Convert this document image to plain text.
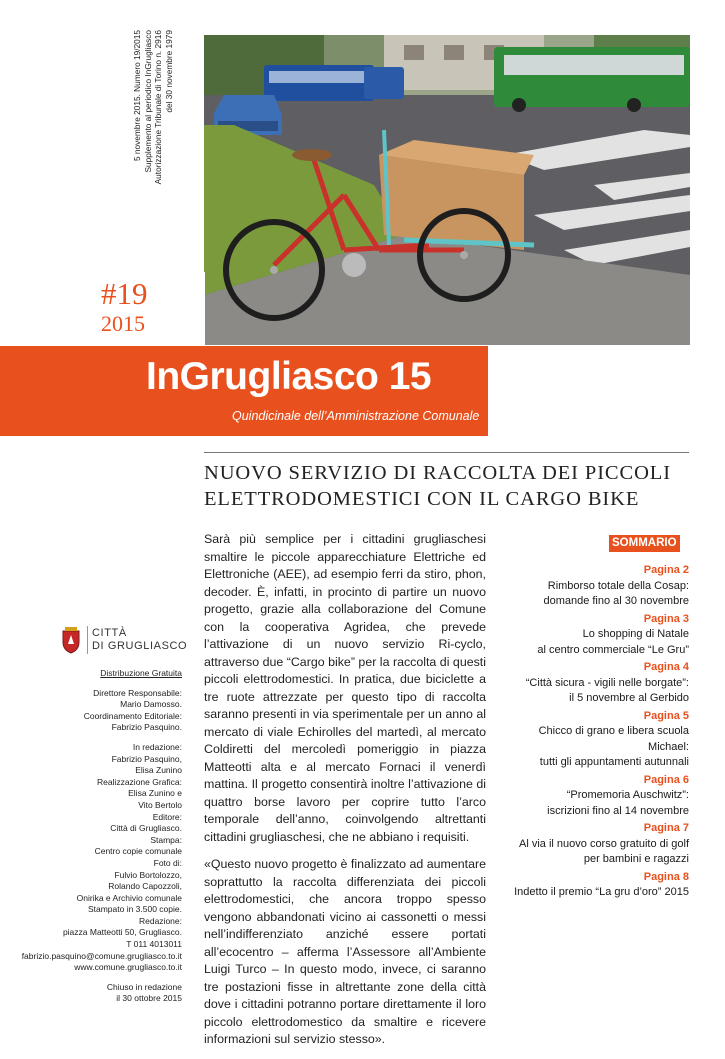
5 novembre 2015. Numero 19/2015 Supplemento al periodico InGrugliasco Autorizzazione Tribunale di Torino n. 2916 del 30 novembre 1979
#19
2015
InGrugliasco 15
Quindicinale dell’Amministrazione Comunale
NUOVO SERVIZIO DI RACCOLTA DEI PICCOLI ELETTRODOMESTICI CON IL CARGO BIKE

Sarà più semplice per i cittadini grugliaschesi smaltire le piccole apparecchiature Elettriche ed Elettroniche (AEE), ad esempio ferri da stiro, phon, decoder. È, infatti, in procinto di partire un nuovo progetto, grazie alla collaborazione del Comune con la cooperativa Agridea, che prevede l’attivazione di un nuovo servizio Ri-cyclo, attraverso due “Cargo bike” per la raccolta di questi piccoli elettrodomestici. In pratica, due biciclette a tre ruote attrezzate per questo tipo di raccolta saranno presenti in via sperimentale per un anno al mercato di viale Echirolles del martedì, al mercato Coldiretti del mercoledì pomeriggio in piazza Matteotti alta e al mercato Fornaci il venerdì mattina. Il progetto consentirà inoltre l’attivazione di quattro borse lavoro per coprire tutto l’arco temporale dell’anno, coinvolgendo altrettanti cittadini grugliaschesi, che ne abbiano i requisiti.

«Questo nuovo progetto è finalizzato ad aumentare soprattutto la raccolta differenziata dei piccoli elettrodomestici, che ancora troppo spesso vengono abbandonati vicino ai cassonetti o messi nell’indifferenziato anziché essere portati all’ecocentro – afferma l’Assessore all’Ambiente Luigi Turco – In questo modo, invece, ci saranno tre postazioni fisse in altrettante zone della città dove i cittadini potranno portare direttamente il loro piccolo elettrodomestico da smaltire e ricevere informazioni sul servizio stesso».

SOMMARIO
Pagina 2
Rimborso totale della Cosap:
domande fino al 30 novembre
Pagina 3
Lo shopping di Natale
al centro commerciale “Le Gru”
Pagina 4
“Città sicura - vigili nelle borgate”:
il 5 novembre al Gerbido
Pagina 5
Chicco di grano e libera scuola Michael:
tutti gli appuntamenti autunnali
Pagina 6
“Promemoria Auschwitz”:
iscrizioni fino al 14 novembre
Pagina 7
Al via il nuovo corso gratuito di golf
per bambini e ragazzi
Pagina 8
Indetto il premio “La gru d’oro” 2015
CITTÀ
DI GRUGLIASCO
Distribuzione Gratuita
Direttore Responsabile:
Mario Damosso.
Coordinamento Editoriale:
Fabrizio Pasquino.
In redazione:
Fabrizio Pasquino,
Elisa Zunino
Realizzazione Grafica:
Elisa Zunino e
Vito Bertolo
Editore:
Città di Grugliasco.
Stampa:
Centro copie comunale
Foto di:
Fulvio Bortolozzo,
Rolando Capozzoli,
Onirika e Archivio comunale
Stampato in 3.500 copie.
Redazione:
piazza Matteotti 50, Grugliasco.
T 011 4013011
fabrizio.pasquino@comune.grugliasco.to.it
www.comune.grugliasco.to.it
Chiuso in redazione
il 30 ottobre 2015
